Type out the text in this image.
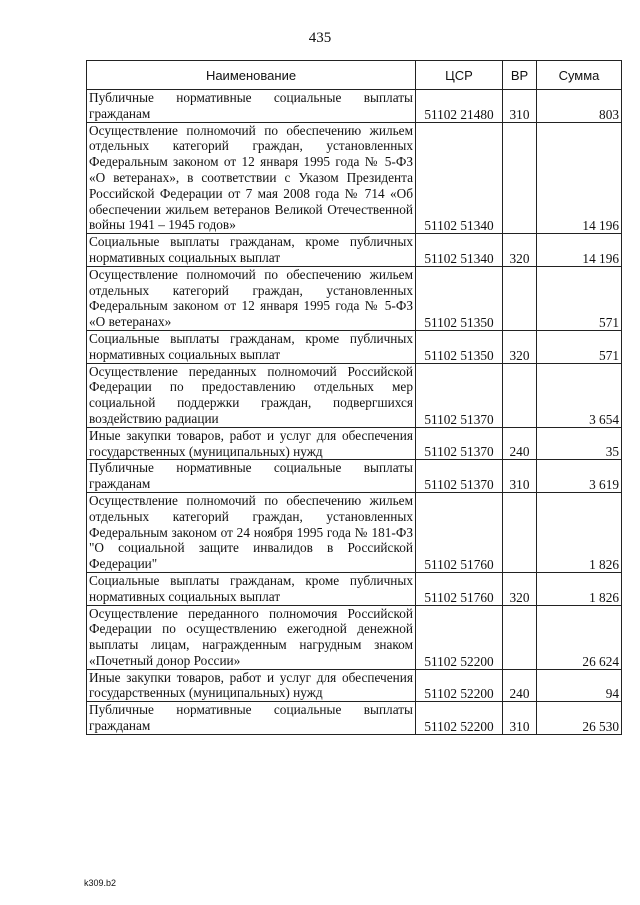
435
Наименование	ЦСР	ВР	Сумма
Публичные нормативные социальные выплаты гражданам	51102 21480	310	803
Осуществление полномочий по обеспечению жильем отдельных категорий граждан, установленных Федеральным законом от 12 января 1995 года № 5-ФЗ «О ветеранах», в соответствии с Указом Президента Российской Федерации от 7 мая 2008 года № 714 «Об обеспечении жильем ветеранов Великой Отечественной войны 1941 – 1945 годов»	51102 51340		14 196
Социальные выплаты гражданам, кроме публичных нормативных социальных выплат	51102 51340	320	14 196
Осуществление полномочий по обеспечению жильем отдельных категорий граждан, установленных Федеральным законом от 12 января 1995 года № 5-ФЗ «О ветеранах»	51102 51350		571
Социальные выплаты гражданам, кроме публичных нормативных социальных выплат	51102 51350	320	571
Осуществление переданных полномочий Российской Федерации по предоставлению отдельных мер социальной поддержки граждан, подвергшихся воздействию радиации	51102 51370		3 654
Иные закупки товаров, работ и услуг для обеспечения государственных (муниципальных) нужд	51102 51370	240	35
Публичные нормативные социальные выплаты гражданам	51102 51370	310	3 619
Осуществление полномочий по обеспечению жильем отдельных категорий граждан, установленных Федеральным законом от 24 ноября 1995 года № 181-ФЗ "О социальной защите инвалидов в Российской Федерации"	51102 51760		1 826
Социальные выплаты гражданам, кроме публичных нормативных социальных выплат	51102 51760	320	1 826
Осуществление переданного полномочия Российской Федерации по осуществлению ежегодной денежной выплаты лицам, награжденным нагрудным знаком «Почетный донор России»	51102 52200		26 624
Иные закупки товаров, работ и услуг для обеспечения государственных (муниципальных) нужд	51102 52200	240	94
Публичные нормативные социальные выплаты гражданам	51102 52200	310	26 530
k309.b2
